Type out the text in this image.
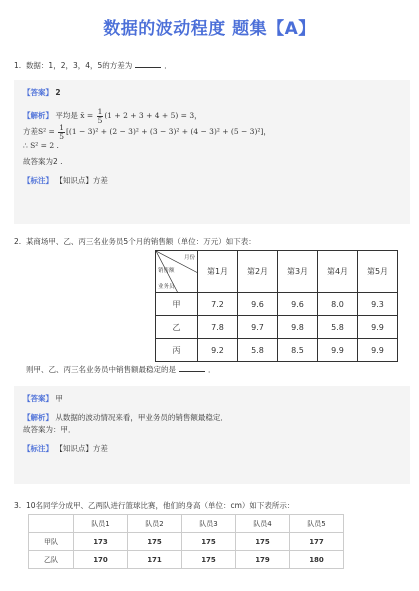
数据的波动程度 题集【A】
1. 数据：1，2，3，4，5的方差为	．

【答案】 2

【解析】 平均是 x̄ = $\frac{1}{5} (1 + 2 + 3 + 4 + 5) = 3$，

方差$S^2 = \frac{1}{5} [(1 - 3)^2 + (2 - 3)^2 + (3 - 3)^2 + (4 - 3)^2 + (5 - 3)^2]$，

∴ S² = 2 .

故答案为2 .

【标注】 【知识点】方差

2. 某商场甲、乙、丙三名业务员5个月的销售额（单位：万元）如下表：
月份
销售额
业务员	第1月	第2月	第3月	第4月	第5月
甲	7.2	9.6	9.6	8.0	9.3
乙	7.8	9.7	9.8	5.8	9.9
丙	9.2	5.8	8.5	9.9	9.9
则甲、乙、丙三名业务员中销售额最稳定的是	．

【答案】 甲

【解析】 从数据的波动情况来看，甲业务员的销售额最稳定．

故答案为：甲．

【标注】 【知识点】方差

3. 10名同学分成甲、乙两队进行篮球比赛，他们的身高（单位：cm）如下表所示：
	队员1	队员2	队员3	队员4	队员5
甲队	173	175	175	175	177
乙队	170	171	175	179	180
